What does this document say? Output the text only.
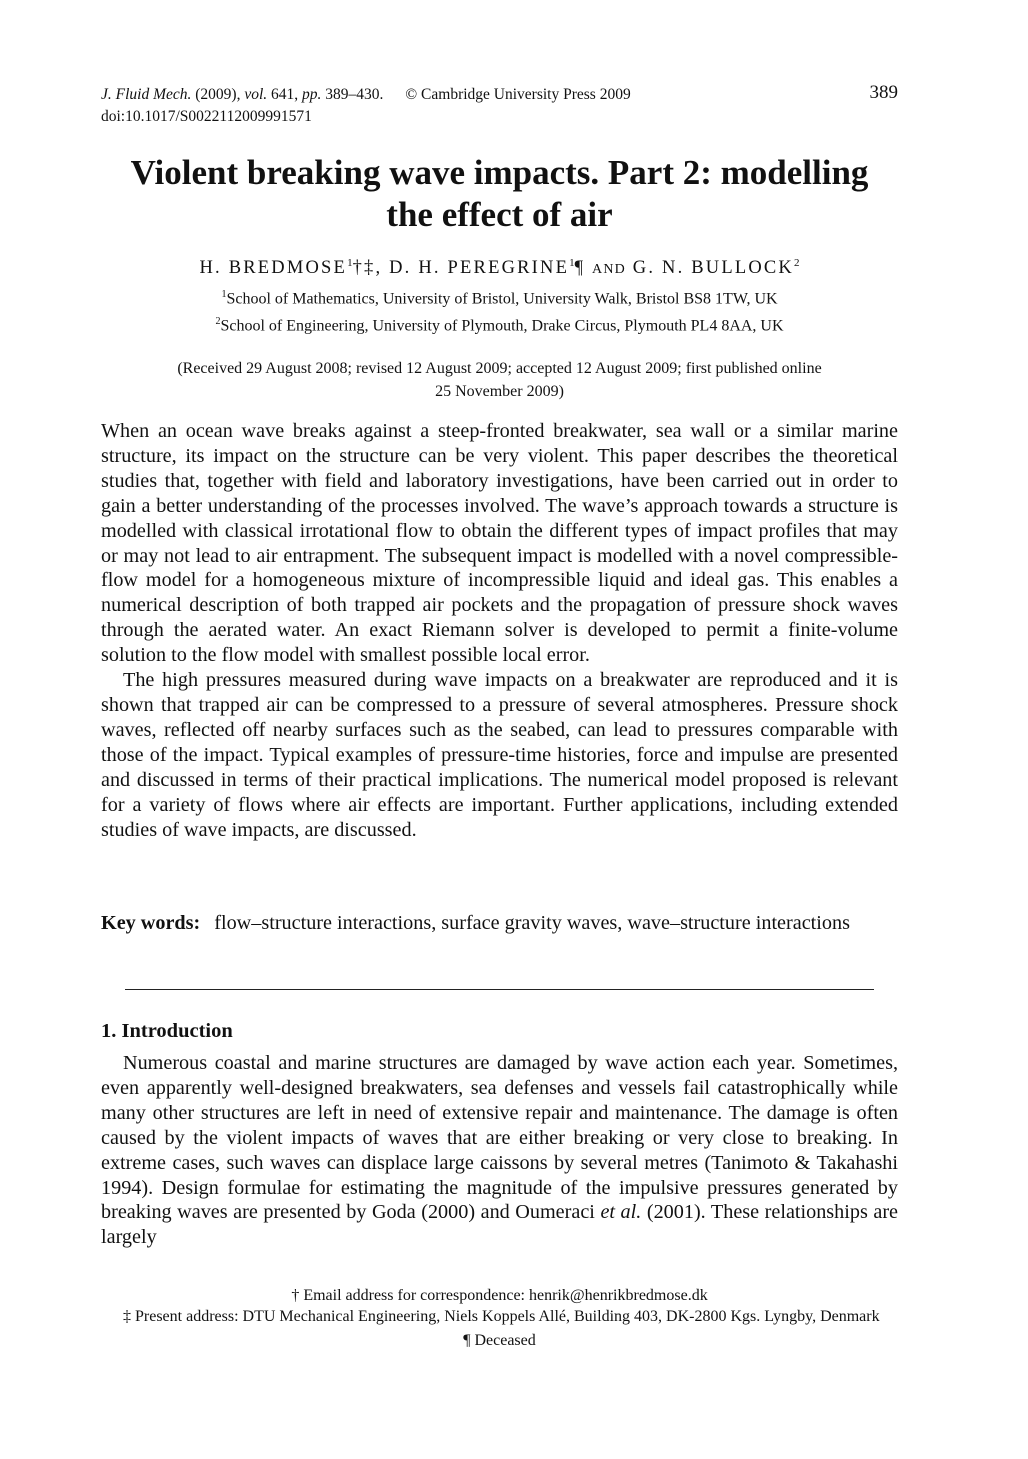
J. Fluid Mech. (2009), vol. 641, pp. 389–430. © Cambridge University Press 2009	389
doi:10.1017/S0022112009991571
Violent breaking wave impacts. Part 2: modelling
the effect of air
H. BREDMOSE$^1$†‡, D. H. PEREGRINE$^1$¶ AND G. N. BULLOCK$^2$
$^1$School of Mathematics, University of Bristol, University Walk, Bristol BS8 1TW, UK
$^2$School of Engineering, University of Plymouth, Drake Circus, Plymouth PL4 8AA, UK
(Received 29 August 2008; revised 12 August 2009; accepted 12 August 2009; first published online
25 November 2009)

When an ocean wave breaks against a steep-fronted breakwater, sea wall or a similar marine structure, its impact on the structure can be very violent. This paper describes the theoretical studies that, together with field and laboratory investigations, have been carried out in order to gain a better understanding of the processes involved. The wave’s approach towards a structure is modelled with classical irrotational flow to obtain the different types of impact profiles that may or may not lead to air entrapment. The subsequent impact is modelled with a novel compressible-flow model for a homogeneous mixture of incompressible liquid and ideal gas. This enables a numerical description of both trapped air pockets and the propagation of pressure shock waves through the aerated water. An exact Riemann solver is developed to permit a finite-volume solution to the flow model with smallest possible local error.

The high pressures measured during wave impacts on a breakwater are reproduced and it is shown that trapped air can be compressed to a pressure of several atmospheres. Pressure shock waves, reflected off nearby surfaces such as the seabed, can lead to pressures comparable with those of the impact. Typical examples of pressure-time histories, force and impulse are presented and discussed in terms of their practical implications. The numerical model proposed is relevant for a variety of flows where air effects are important. Further applications, including extended studies of wave impacts, are discussed.

Key words: flow–structure interactions, surface gravity waves, wave–structure interactions
1. Introduction

Numerous coastal and marine structures are damaged by wave action each year. Sometimes, even apparently well-designed breakwaters, sea defenses and vessels fail catastrophically while many other structures are left in need of extensive repair and maintenance. The damage is often caused by the violent impacts of waves that are either breaking or very close to breaking. In extreme cases, such waves can displace large caissons by several metres (Tanimoto & Takahashi 1994). Design formulae for estimating the magnitude of the impulsive pressures generated by breaking waves are presented by Goda (2000) and Oumeraci et al. (2001). These relationships are largely

† Email address for correspondence: henrik@henrikbredmose.dk
‡ Present address: DTU Mechanical Engineering, Niels Koppels Allé, Building 403, DK-2800 Kgs. Lyngby, Denmark
¶ Deceased
